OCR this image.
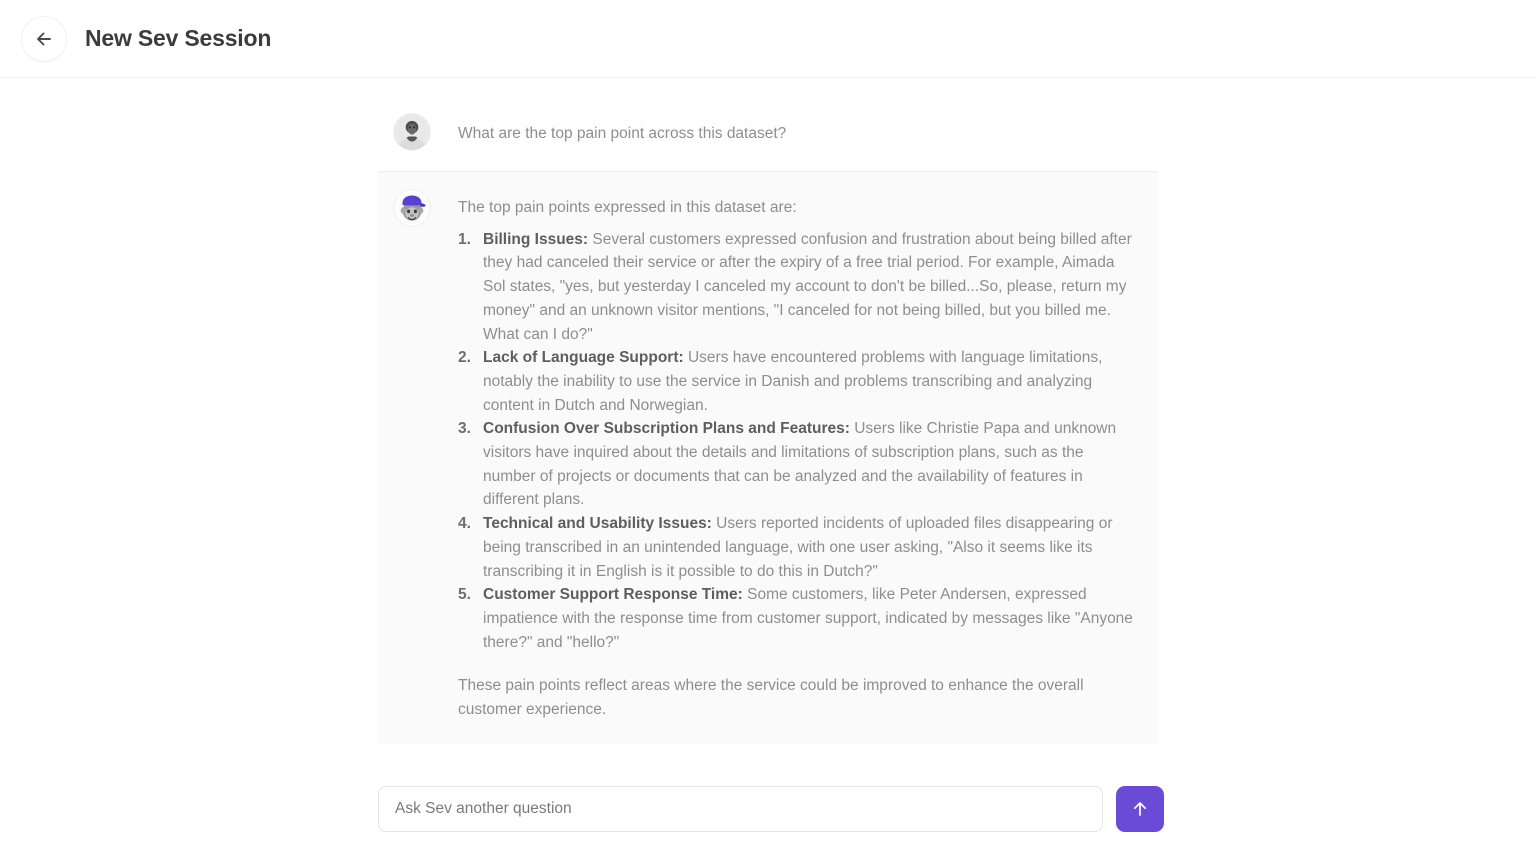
New Sev Session
What are the top pain point across this dataset?
The top pain points expressed in this dataset are:
Billing Issues: Several customers expressed confusion and frustration about being billed after they had canceled their service or after the expiry of a free trial period. For example, Aimada Sol states, "yes, but yesterday I canceled my account to don't be billed...So, please, return my money" and an unknown visitor mentions, "I canceled for not being billed, but you billed me. What can I do?"
Lack of Language Support: Users have encountered problems with language limitations, notably the inability to use the service in Danish and problems transcribing and analyzing content in Dutch and Norwegian.
Confusion Over Subscription Plans and Features: Users like Christie Papa and unknown visitors have inquired about the details and limitations of subscription plans, such as the number of projects or documents that can be analyzed and the availability of features in different plans.
Technical and Usability Issues: Users reported incidents of uploaded files disappearing or being transcribed in an unintended language, with one user asking, "Also it seems like its transcribing it in English is it possible to do this in Dutch?"
Customer Support Response Time: Some customers, like Peter Andersen, expressed impatience with the response time from customer support, indicated by messages like "Anyone there?" and "hello?"
These pain points reflect areas where the service could be improved to enhance the overall customer experience.
Ask Sev another question
